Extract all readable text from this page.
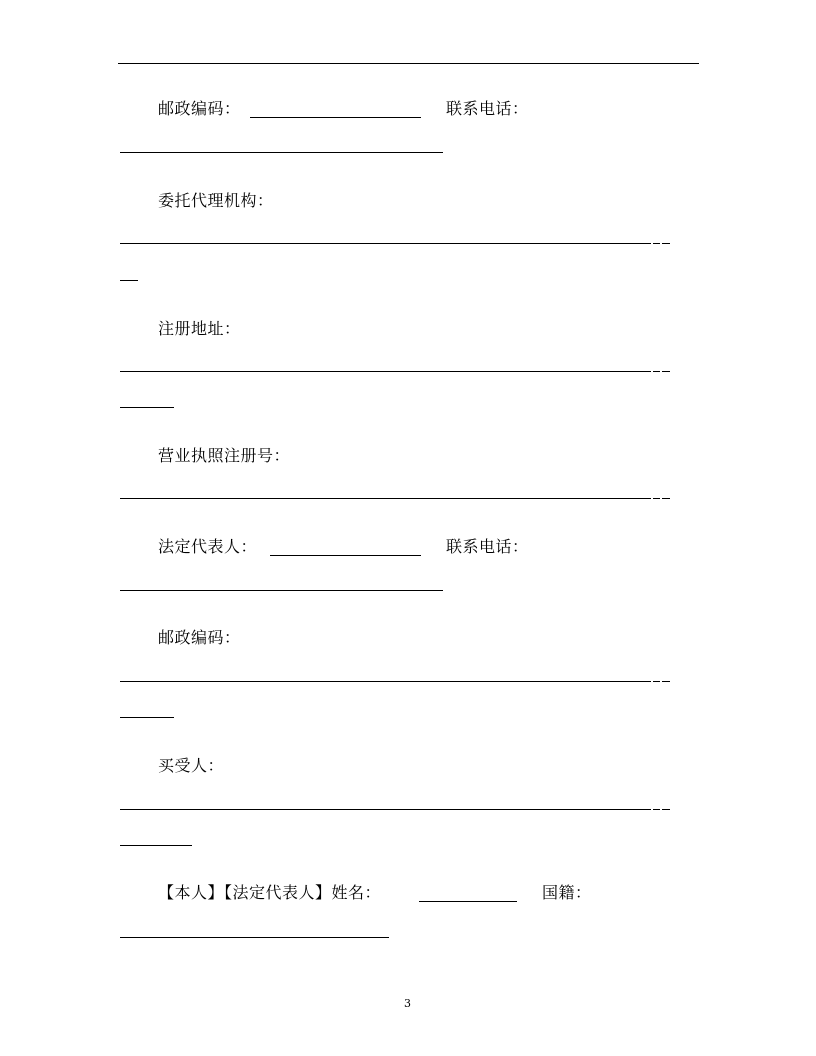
邮政编码：	联系电话：
委托代理机构：
注册地址：
营业执照注册号：
法定代表人：	联系电话：
邮政编码：
买受人：
【本人】【法定代表人】姓名：	国籍：
3
